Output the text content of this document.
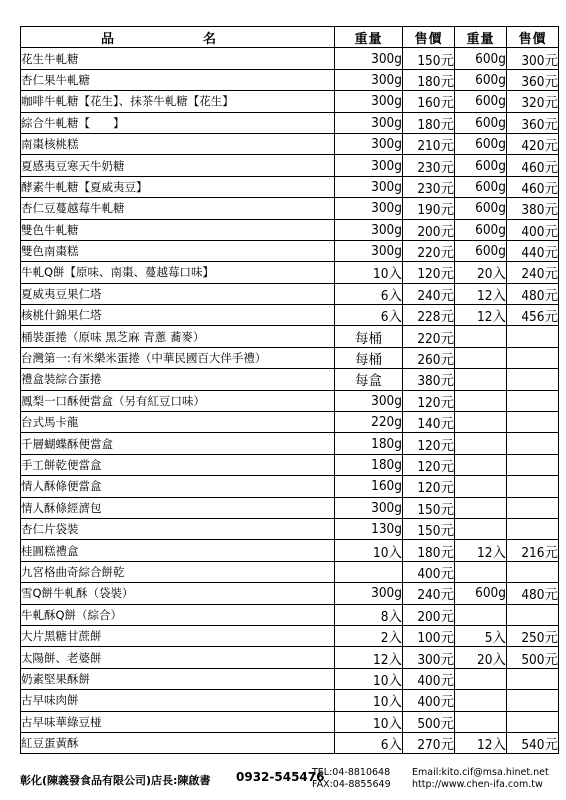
品　名	重量	售價	重量	售價
花生牛軋糖	300g	150元	600g	300元
杏仁果牛軋糖	300g	180元	600g	360元
咖啡牛軋糖【花生】、抹茶牛軋糖【花生】	300g	160元	600g	320元
綜合牛軋糖【　　】	300g	180元	600g	360元
南棗核桃糕	300g	210元	600g	420元
夏感夷豆寒天牛奶糖	300g	230元	600g	460元
酵素牛軋糖【夏威夷豆】	300g	230元	600g	460元
杏仁豆蔓越莓牛軋糖	300g	190元	600g	380元
雙色牛軋糖	300g	200元	600g	400元
雙色南棗糕	300g	220元	600g	440元
牛軋Q餅【原味、南棗、蔓越莓口味】	10入	120元	20入	240元
夏威夷豆果仁塔	6入	240元	12入	480元
核桃什錦果仁塔	6入	228元	12入	456元
桶裝蛋捲（原味 黑芝麻 青蔥 蕎麥）	每桶	220元		
台灣第一:有米樂米蛋捲（中華民國百大伴手禮）	每桶	260元		
禮盒裝綜合蛋捲	每盒	380元		
鳳梨一口酥便當盒（另有紅豆口味）	300g	120元		
台式馬卡龍	220g	140元		
千層蝴蝶酥便當盒	180g	120元		
手工餅乾便當盒	180g	120元		
情人酥條便當盒	160g	120元		
情人酥條經濟包	300g	150元		
杏仁片袋裝	130g	150元		
桂圓糕禮盒	10入	180元	12入	216元
九宮格曲奇綜合餅乾		400元		
雪Q餅牛軋酥（袋裝）	300g	240元	600g	480元
牛軋酥Q餅（綜合）	8入	200元		
大片黑糖甘蔗餅	2入	100元	5入	250元
太陽餅、老婆餅	12入	300元	20入	500元
奶素堅果酥餅	10入	400元		
古早味肉餅	10入	400元		
古早味華綠豆椪	10入	500元		
紅豆蛋黃酥	6入	270元	12入	540元
彰化(陳義發食品有限公司)店長:陳啟書 0932-545476
TEL:04-8810648
FAX:04-8855649
Email:kito.cif@msa.hinet.net
http://www.chen-ifa.com.tw
